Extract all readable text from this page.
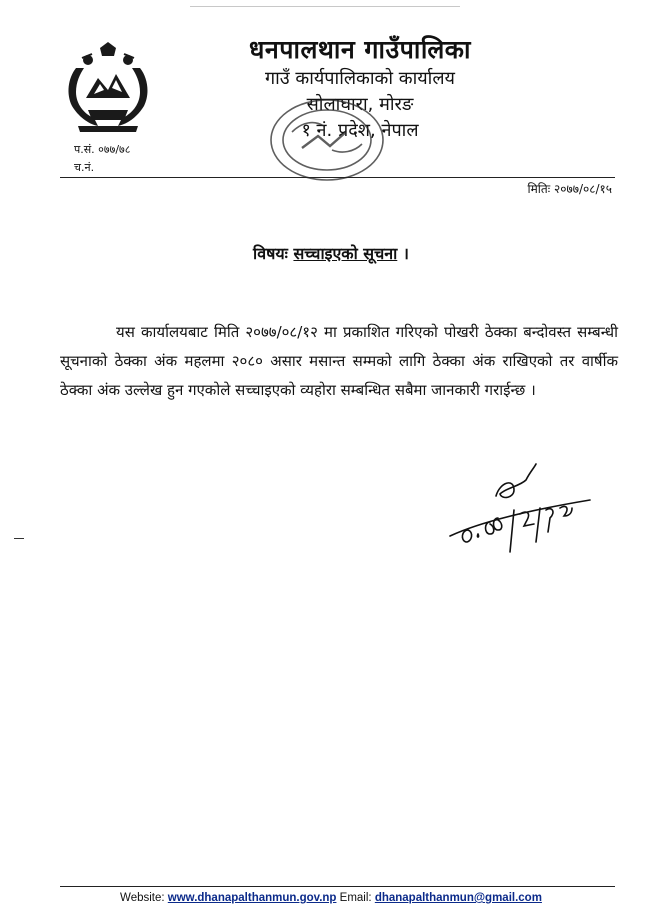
धनपालथान गाउँपालिका
गाउँ कार्यपालिकाको कार्यालय
सोलाघारा, मोरङ
१ नं. प्रदेश, नेपाल
प.सं. ०७७/७८
च.नं.
मितिः २०७७/०८/१५
विषयः सच्चाइएको सूचना ।
यस कार्यालयबाट मिति २०७७/०८/१२ मा प्रकाशित गरिएको पोखरी ठेक्का बन्दोवस्त सम्बन्धी सूचनाको ठेक्का अंक महलमा २०८० असार मसान्त सम्मको लागि ठेक्का अंक राखिएको तर वार्षीक ठेक्का अंक उल्लेख हुन गएकोले सच्चाइएको व्यहोरा सम्बन्धित सबैमा जानकारी गराईन्छ ।
Website: www.dhanapalthanmun.gov.np Email: dhanapalthanmun@gmail.com
